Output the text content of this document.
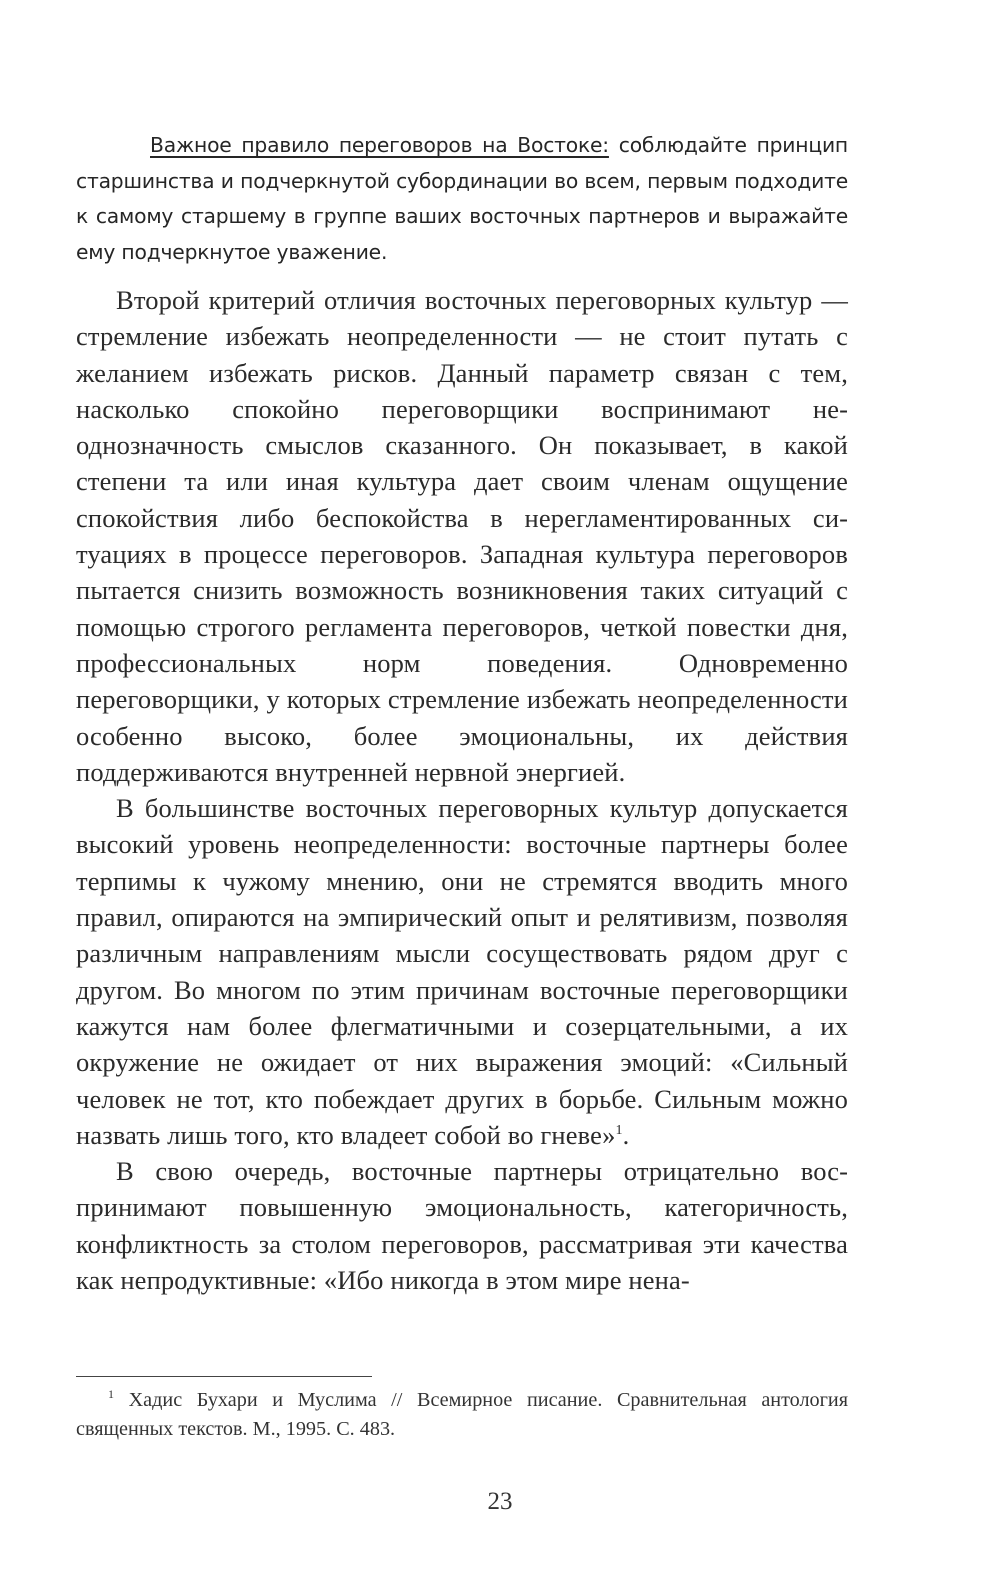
Важное правило переговоров на Востоке: соблюдайте принцип старшинства и подчеркнутой субординации во всем, первым подходите к самому старшему в группе ваших восточных партнеров и выражайте ему подчеркнутое уважение.

Второй критерий отличия восточных переговорных культур — стремление избежать неопределенности — не стоит путать с желанием избежать рисков. Данный параметр связан с тем, насколько спокойно переговорщики воспринимают неоднозначность смыслов сказанного. Он показывает, в какой степени та или иная культура дает своим членам ощущение спокойствия либо беспокойства в нерегламентированных ситуациях в процессе переговоров. Западная культура переговоров пытается снизить возможность возникновения таких ситуаций с помощью строгого регламента переговоров, четкой повестки дня, профессиональных норм поведения. Одновременно переговорщики, у которых стремление избежать неопределенности особенно высоко, более эмоциональны, их действия поддерживаются внутренней нервной энергией.

В большинстве восточных переговорных культур допускается высокий уровень неопределенности: восточные партнеры более терпимы к чужому мнению, они не стремятся вводить много правил, опираются на эмпирический опыт и релятивизм, позволяя различным направлениям мысли сосуществовать рядом друг с другом. Во многом по этим причинам восточные переговорщики кажутся нам более флегматичными и созерцательными, а их окружение не ожидает от них выражения эмоций: «Сильный человек не тот, кто побеждает других в борьбе. Сильным можно назвать лишь того, кто владеет собой во гневе»$^1$.

В свою очередь, восточные партнеры отрицательно воспринимают повышенную эмоциональность, категоричность, конфликтность за столом переговоров, рассматривая эти качества как непродуктивные: «Ибо никогда в этом мире нена-

$^1$ Хадис Бухари и Муслима // Всемирное писание. Сравнительная антология священных текстов. М., 1995. С. 483.

23
